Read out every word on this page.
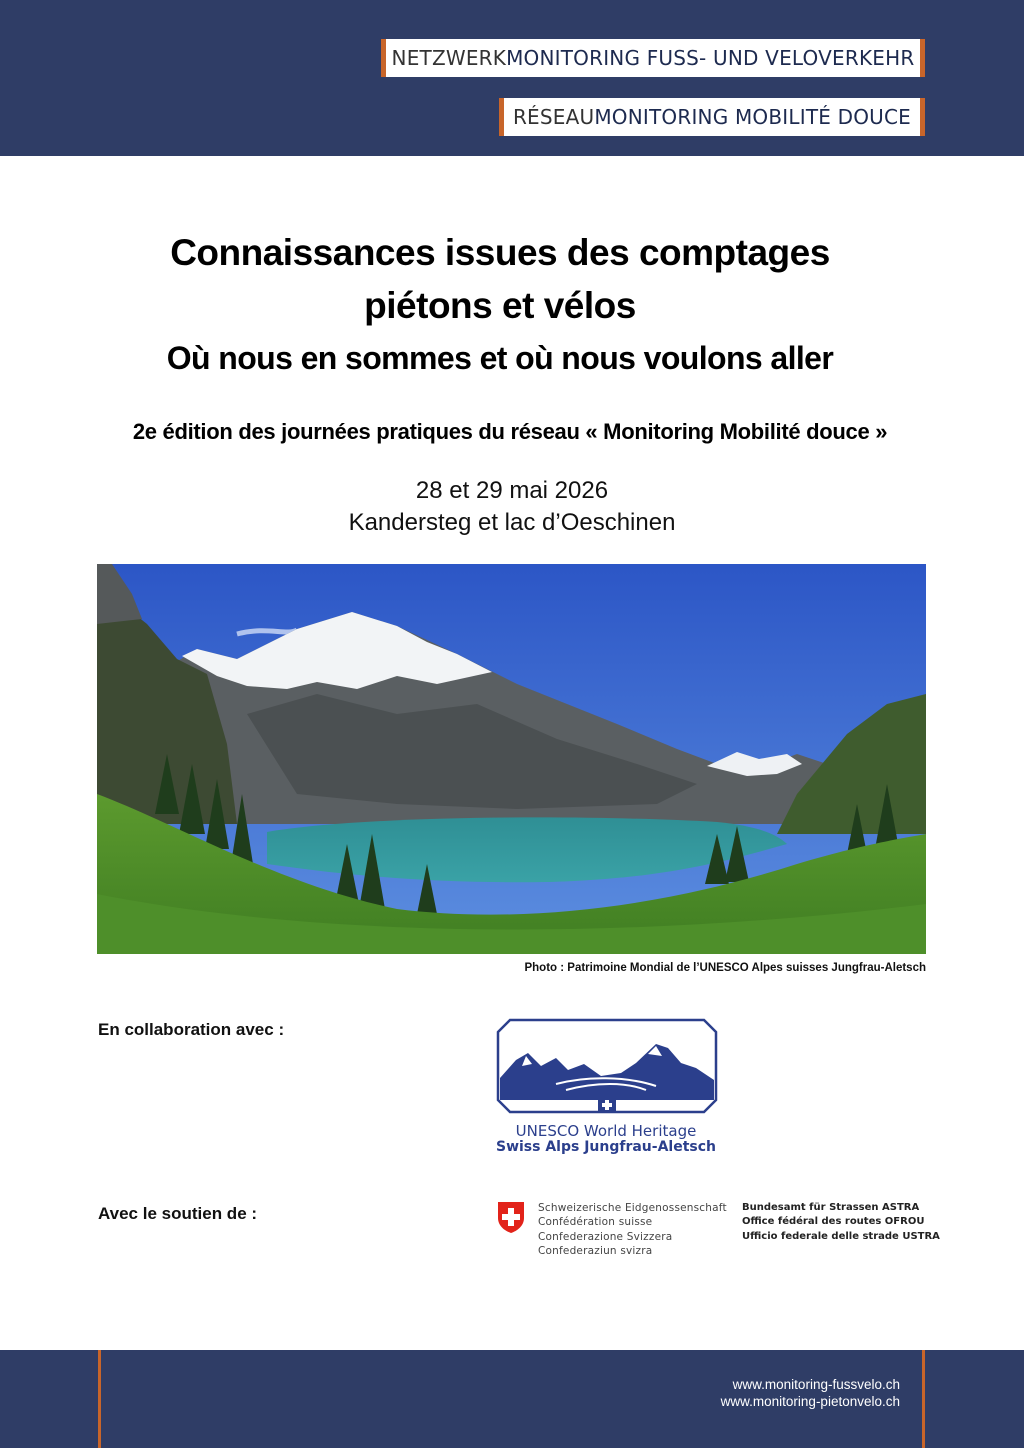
NETZWERK MONITORING FUSS- UND VELOVERKEHR
RÉSEAU MONITORING MOBILITÉ DOUCE
Connaissances issues des comptages
piétons et vélos
Où nous en sommes et où nous voulons aller
2e édition des journées pratiques du réseau « Monitoring Mobilité douce »
28 et 29 mai 2026
Kandersteg et lac d’Oeschinen
Photo : Patrimoine Mondial de l’UNESCO Alpes suisses Jungfrau-Aletsch
En collaboration avec :
UNESCO World Heritage
Swiss Alps Jungfrau-Aletsch
Avec le soutien de :	Schweizerische Eidgenossenschaft
Confédération suisse
Confederazione Svizzera
Confederaziun svizra
Bundesamt für Strassen ASTRA
Office fédéral des routes OFROU
Ufficio federale delle strade USTRA
www.monitoring-fussvelo.ch
www.monitoring-pietonvelo.ch
